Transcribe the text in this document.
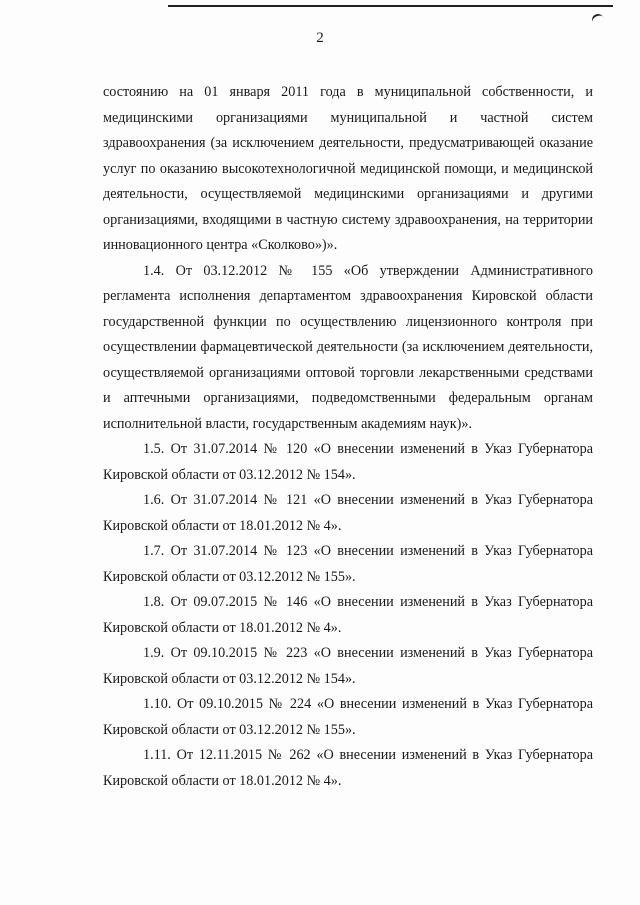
2

состоянию на 01 января 2011 года в муниципальной собственности, и медицинскими организациями муниципальной и частной систем здравоохранения (за исключением деятельности, предусматривающей оказание услуг по оказанию высокотехнологичной медицинской помощи, и медицинской деятельности, осуществляемой медицинскими организациями и другими организациями, входящими в частную систему здравоохранения, на территории инновационного центра «Сколково»)».

1.4. От 03.12.2012 № 155 «Об утверждении Административного регламента исполнения департаментом здравоохранения Кировской области государственной функции по осуществлению лицензионного контроля при осуществлении фармацевтической деятельности (за исключением деятельности, осуществляемой организациями оптовой торговли лекарственными средствами и аптечными организациями, подведомственными федеральным органам исполнительной власти, государственным академиям наук)».

1.5. От 31.07.2014 № 120 «О внесении изменений в Указ Губернатора Кировской области от 03.12.2012 № 154».

1.6. От 31.07.2014 № 121 «О внесении изменений в Указ Губернатора Кировской области от 18.01.2012 № 4».

1.7. От 31.07.2014 № 123 «О внесении изменений в Указ Губернатора Кировской области от 03.12.2012 № 155».

1.8. От 09.07.2015 № 146 «О внесении изменений в Указ Губернатора Кировской области от 18.01.2012 № 4».

1.9. От 09.10.2015 № 223 «О внесении изменений в Указ Губернатора Кировской области от 03.12.2012 № 154».

1.10. От 09.10.2015 № 224 «О внесении изменений в Указ Губернатора Кировской области от 03.12.2012 № 155».

1.11. От 12.11.2015 № 262 «О внесении изменений в Указ Губернатора Кировской области от 18.01.2012 № 4».
